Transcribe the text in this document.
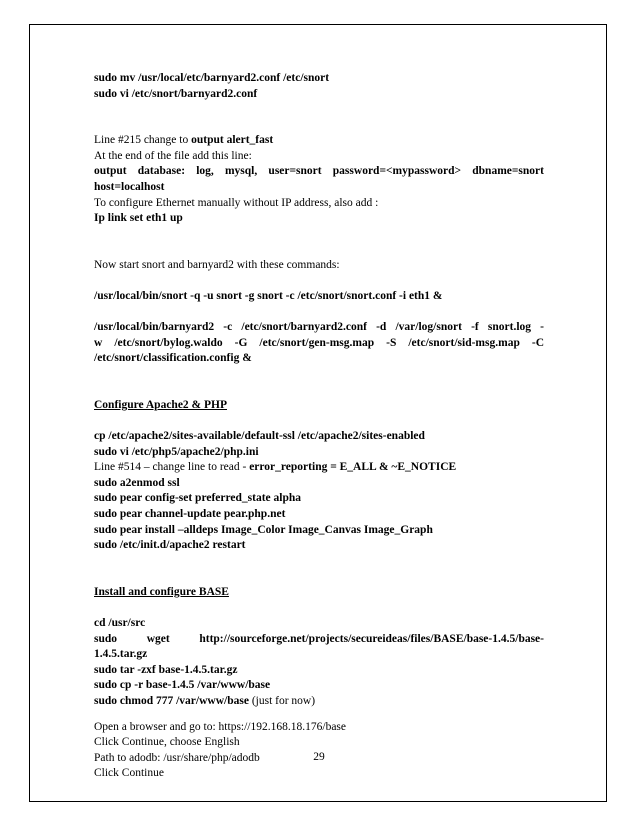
sudo mv /usr/local/etc/barnyard2.conf /etc/snort
sudo vi /etc/snort/barnyard2.conf
Line #215 change to output alert_fast
At the end of the file add this line:
output database: log, mysql, user=snort password=<mypassword> dbname=snort
host=localhost
To configure Ethernet manually without IP address, also add :
Ip link set eth1 up
Now start snort and barnyard2 with these commands:
/usr/local/bin/snort -q -u snort -g snort -c /etc/snort/snort.conf -i eth1 &
/usr/local/bin/barnyard2 -c /etc/snort/barnyard2.conf -d /var/log/snort -f snort.log -
w /etc/snort/bylog.waldo -G /etc/snort/gen-msg.map -S /etc/snort/sid-msg.map -C
/etc/snort/classification.config &
Configure Apache2 & PHP
cp /etc/apache2/sites-available/default-ssl /etc/apache2/sites-enabled
sudo vi /etc/php5/apache2/php.ini
Line #514 – change line to read - error_reporting = E_ALL & ~E_NOTICE
sudo a2enmod ssl
sudo pear config-set preferred_state alpha
sudo pear channel-update pear.php.net
sudo pear install –alldeps Image_Color Image_Canvas Image_Graph
sudo /etc/init.d/apache2 restart
Install and configure BASE
cd /usr/src
sudo wget http://sourceforge.net/projects/secureideas/files/BASE/base-1.4.5/base-
1.4.5.tar.gz
sudo tar -zxf base-1.4.5.tar.gz
sudo cp -r base-1.4.5 /var/www/base
sudo chmod 777 /var/www/base (just for now)
Open a browser and go to: https://192.168.18.176/base
Click Continue, choose English
Path to adodb: /usr/share/php/adodb
Click Continue
29
